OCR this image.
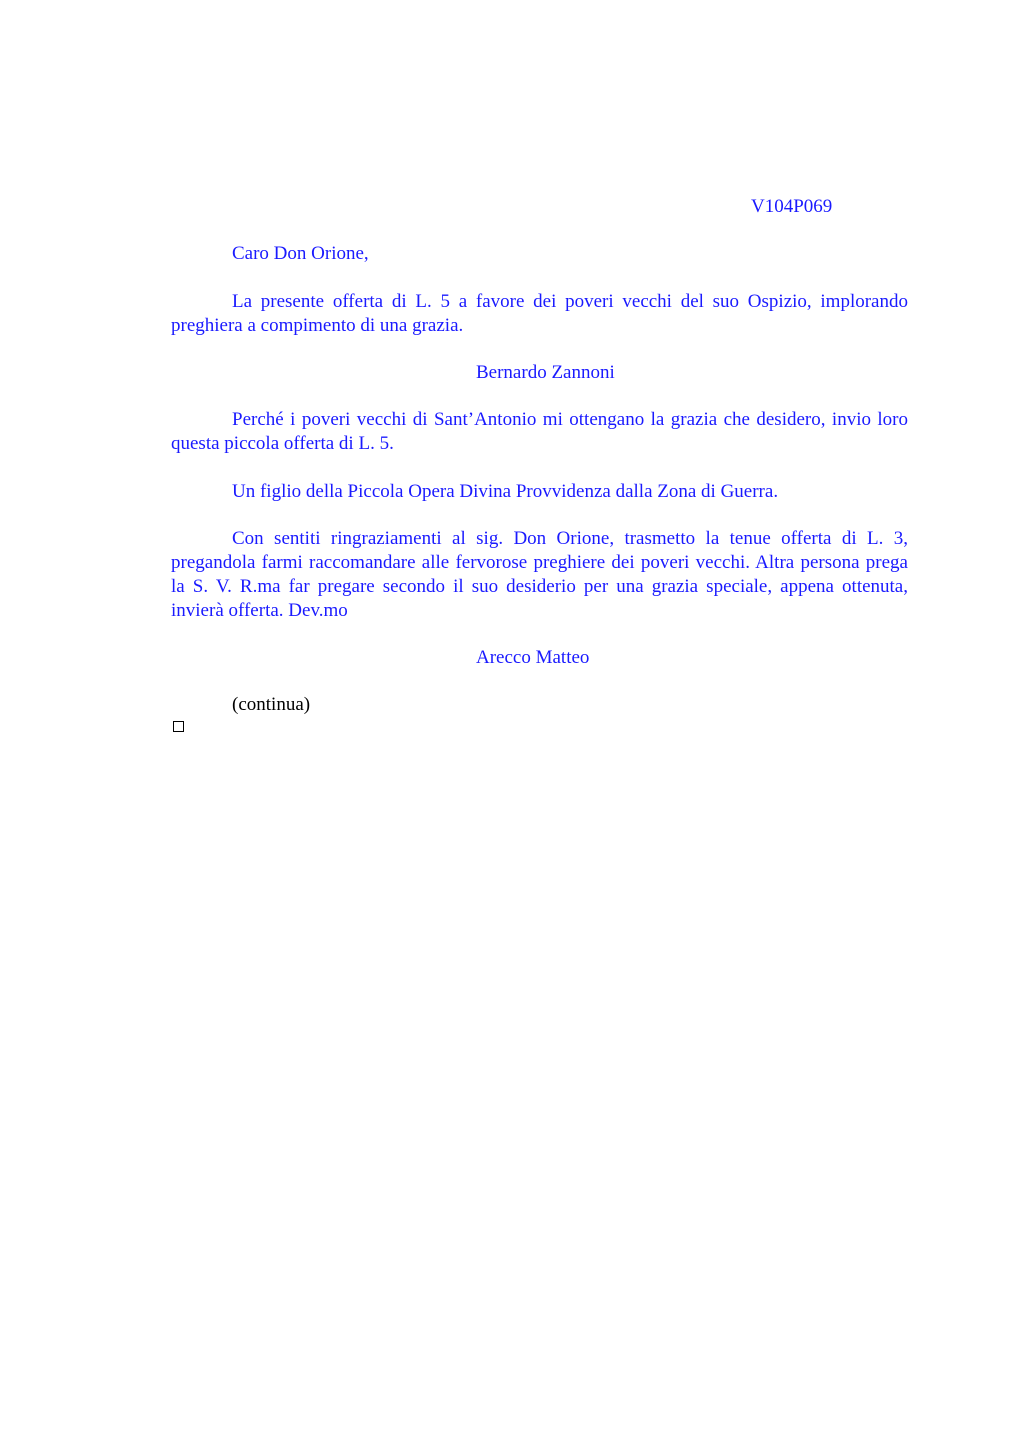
V104P069

Caro Don Orione,

La presente offerta di L. 5 a favore dei poveri vecchi del suo Ospizio, implorando preghiera a compimento di una grazia.

Bernardo Zannoni

Perché i poveri vecchi di Sant’Antonio mi ottengano la grazia che desidero, invio loro questa piccola offerta di L. 5.

Un figlio della Piccola Opera Divina Provvidenza dalla Zona di Guerra.

Con sentiti ringraziamenti al sig. Don Orione, trasmetto la tenue offerta di L. 3, pregandola farmi raccomandare alle fervorose preghiere dei poveri vecchi. Altra persona prega la S. V. R.ma far pregare secondo il suo desiderio per una grazia speciale, appena ottenuta, invierà offerta. Dev.mo

Arecco Matteo
(continua)
